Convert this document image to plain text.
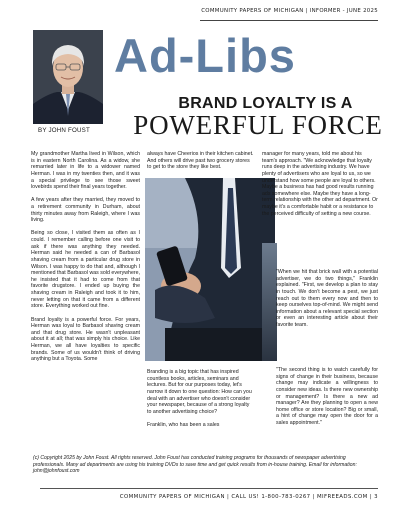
COMMUNITY PAPERS OF MICHIGAN | INFORMER - JUNE 2025
BY JOHN FOUST
Ad-Libs
BRAND LOYALTY IS A
POWERFUL FORCE

My grandmother Martha lived in Wilson, which is in eastern North Carolina. As a widow, she remarried later in life to a widower named Herman. I was in my twenties then, and it was a special privilege to see those sweet lovebirds spend their final years together.

A few years after they married, they moved to a retirement community in Durham, about thirty minutes away from Raleigh, where I was living.

Being so close, I visited them as often as I could. I remember calling before one visit to ask if there was anything they needed. Herman said he needed a can of Barbasol shaving cream from a particular drug store in Wilson. I was happy to do that and, although I mentioned that Barbasol was sold everywhere, he insisted that it had to come from that favorite drugstore. I ended up buying the shaving cream in Raleigh and took it to him, never letting on that it came from a different store. Everything worked out fine.

Brand loyalty is a powerful force. For years, Herman was loyal to Barbasol shaving cream and that drug store. He wasn't unpleasant about it at all; that was simply his choice. Like Herman, we all have loyalties to specific brands. Some of us wouldn't think of driving anything but a Toyota. Some

always have Cheerios in their kitchen cabinet. And others will drive past two grocery stores to get to the store they like best.

manager for many years, told me about his team's approach. "We acknowledge that loyalty runs deep in the advertising industry. We have plenty of advertisers who are loyal to us, so we understand how some people are loyal to others. Maybe a business has had good results running ads somewhere else. Maybe they have a long-term relationship with the other ad department. Or maybe it's a comfortable habit or a resistance to the perceived difficulty of setting a new course.

"When we hit that brick wall with a potential advertiser, we do two things," Franklin explained. "First, we develop a plan to stay in touch. We don't become a pest, we just reach out to them every now and then to keep ourselves top-of-mind. We might send information about a relevant special section or even an interesting article about their favorite team.

Branding is a big topic that has inspired countless books, articles, seminars and lectures. But for our purposes today, let's narrow it down to one question: How can you deal with an advertiser who doesn't consider your newspaper, because of a strong loyalty to another advertising choice?

Franklin, who has been a sales

"The second thing is to watch carefully for signs of change in their business, because change may indicate a willingness to consider new ideas. Is there new ownership or management? Is there a new ad manager? Are they planning to open a new home office or store location? Big or small, a hint of change may open the door for a sales appointment."

(c) Copyright 2025 by John Foust. All rights reserved. John Foust has conducted training programs for thousands of newspaper advertising professionals. Many ad departments are using his training DVDs to save time and get quick results from in-house training. Email for information: john@johnfoust.com
COMMUNITY PAPERS OF MICHIGAN | CALL US! 1-800-783-0267 | MIFREEADS.COM | 3
